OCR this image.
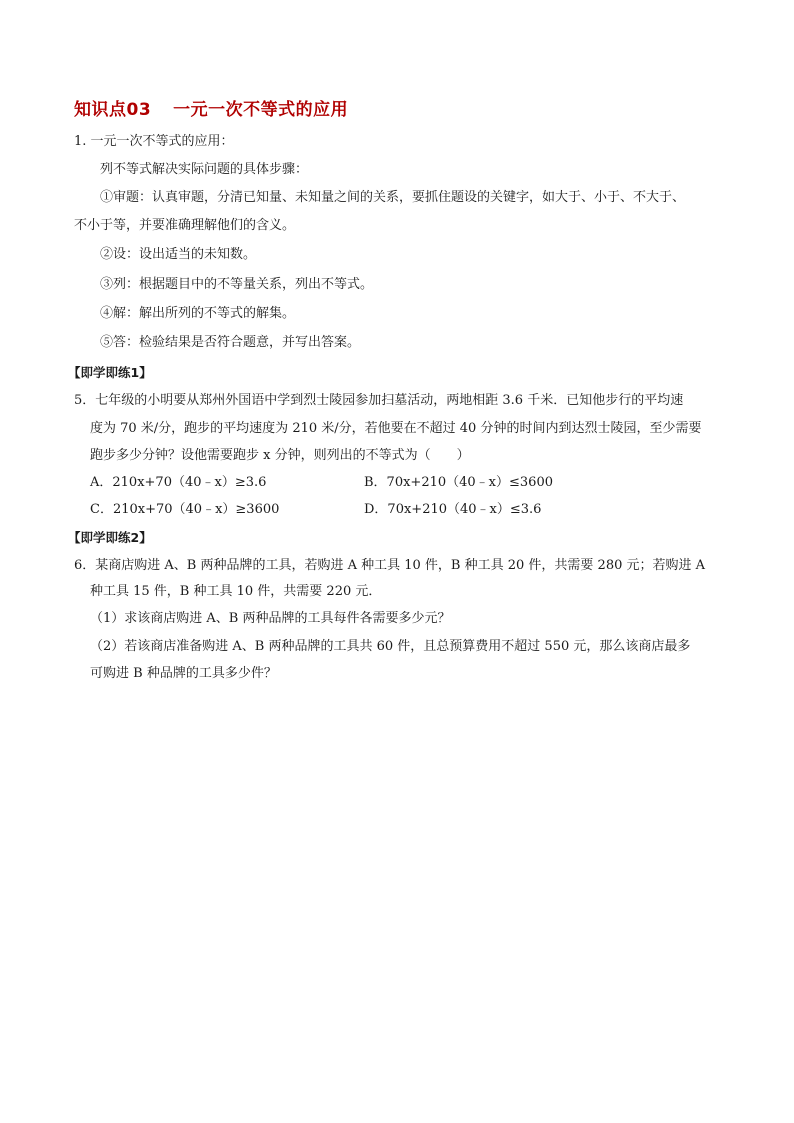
知识点03 一元一次不等式的应用
1. 一元一次不等式的应用：
列不等式解决实际问题的具体步骤：
①审题：认真审题，分清已知量、未知量之间的关系，要抓住题设的关键字，如大于、小于、不大于、
不小于等，并要准确理解他们的含义。
②设：设出适当的未知数。
③列：根据题目中的不等量关系，列出不等式。
④解：解出所列的不等式的解集。
⑤答：检验结果是否符合题意，并写出答案。
【即学即练1】
5．七年级的小明要从郑州外国语中学到烈士陵园参加扫墓活动，两地相距 3.6 千米．已知他步行的平均速
度为 70 米/分，跑步的平均速度为 210 米/分，若他要在不超过 40 分钟的时间内到达烈士陵园，至少需要
跑步多少分钟？设他需要跑步 x 分钟，则列出的不等式为（　　）
A．210x+70（40﹣x）≥3.6	B．70x+210（40﹣x）≤3600
C．210x+70（40﹣x）≥3600	D．70x+210（40﹣x）≤3.6
【即学即练2】
6．某商店购进 A、B 两种品牌的工具，若购进 A 种工具 10 件，B 种工具 20 件，共需要 280 元；若购进 A
种工具 15 件，B 种工具 10 件，共需要 220 元．
（1）求该商店购进 A、B 两种品牌的工具每件各需要多少元？
（2）若该商店准备购进 A、B 两种品牌的工具共 60 件，且总预算费用不超过 550 元，那么该商店最多
可购进 B 种品牌的工具多少件？
